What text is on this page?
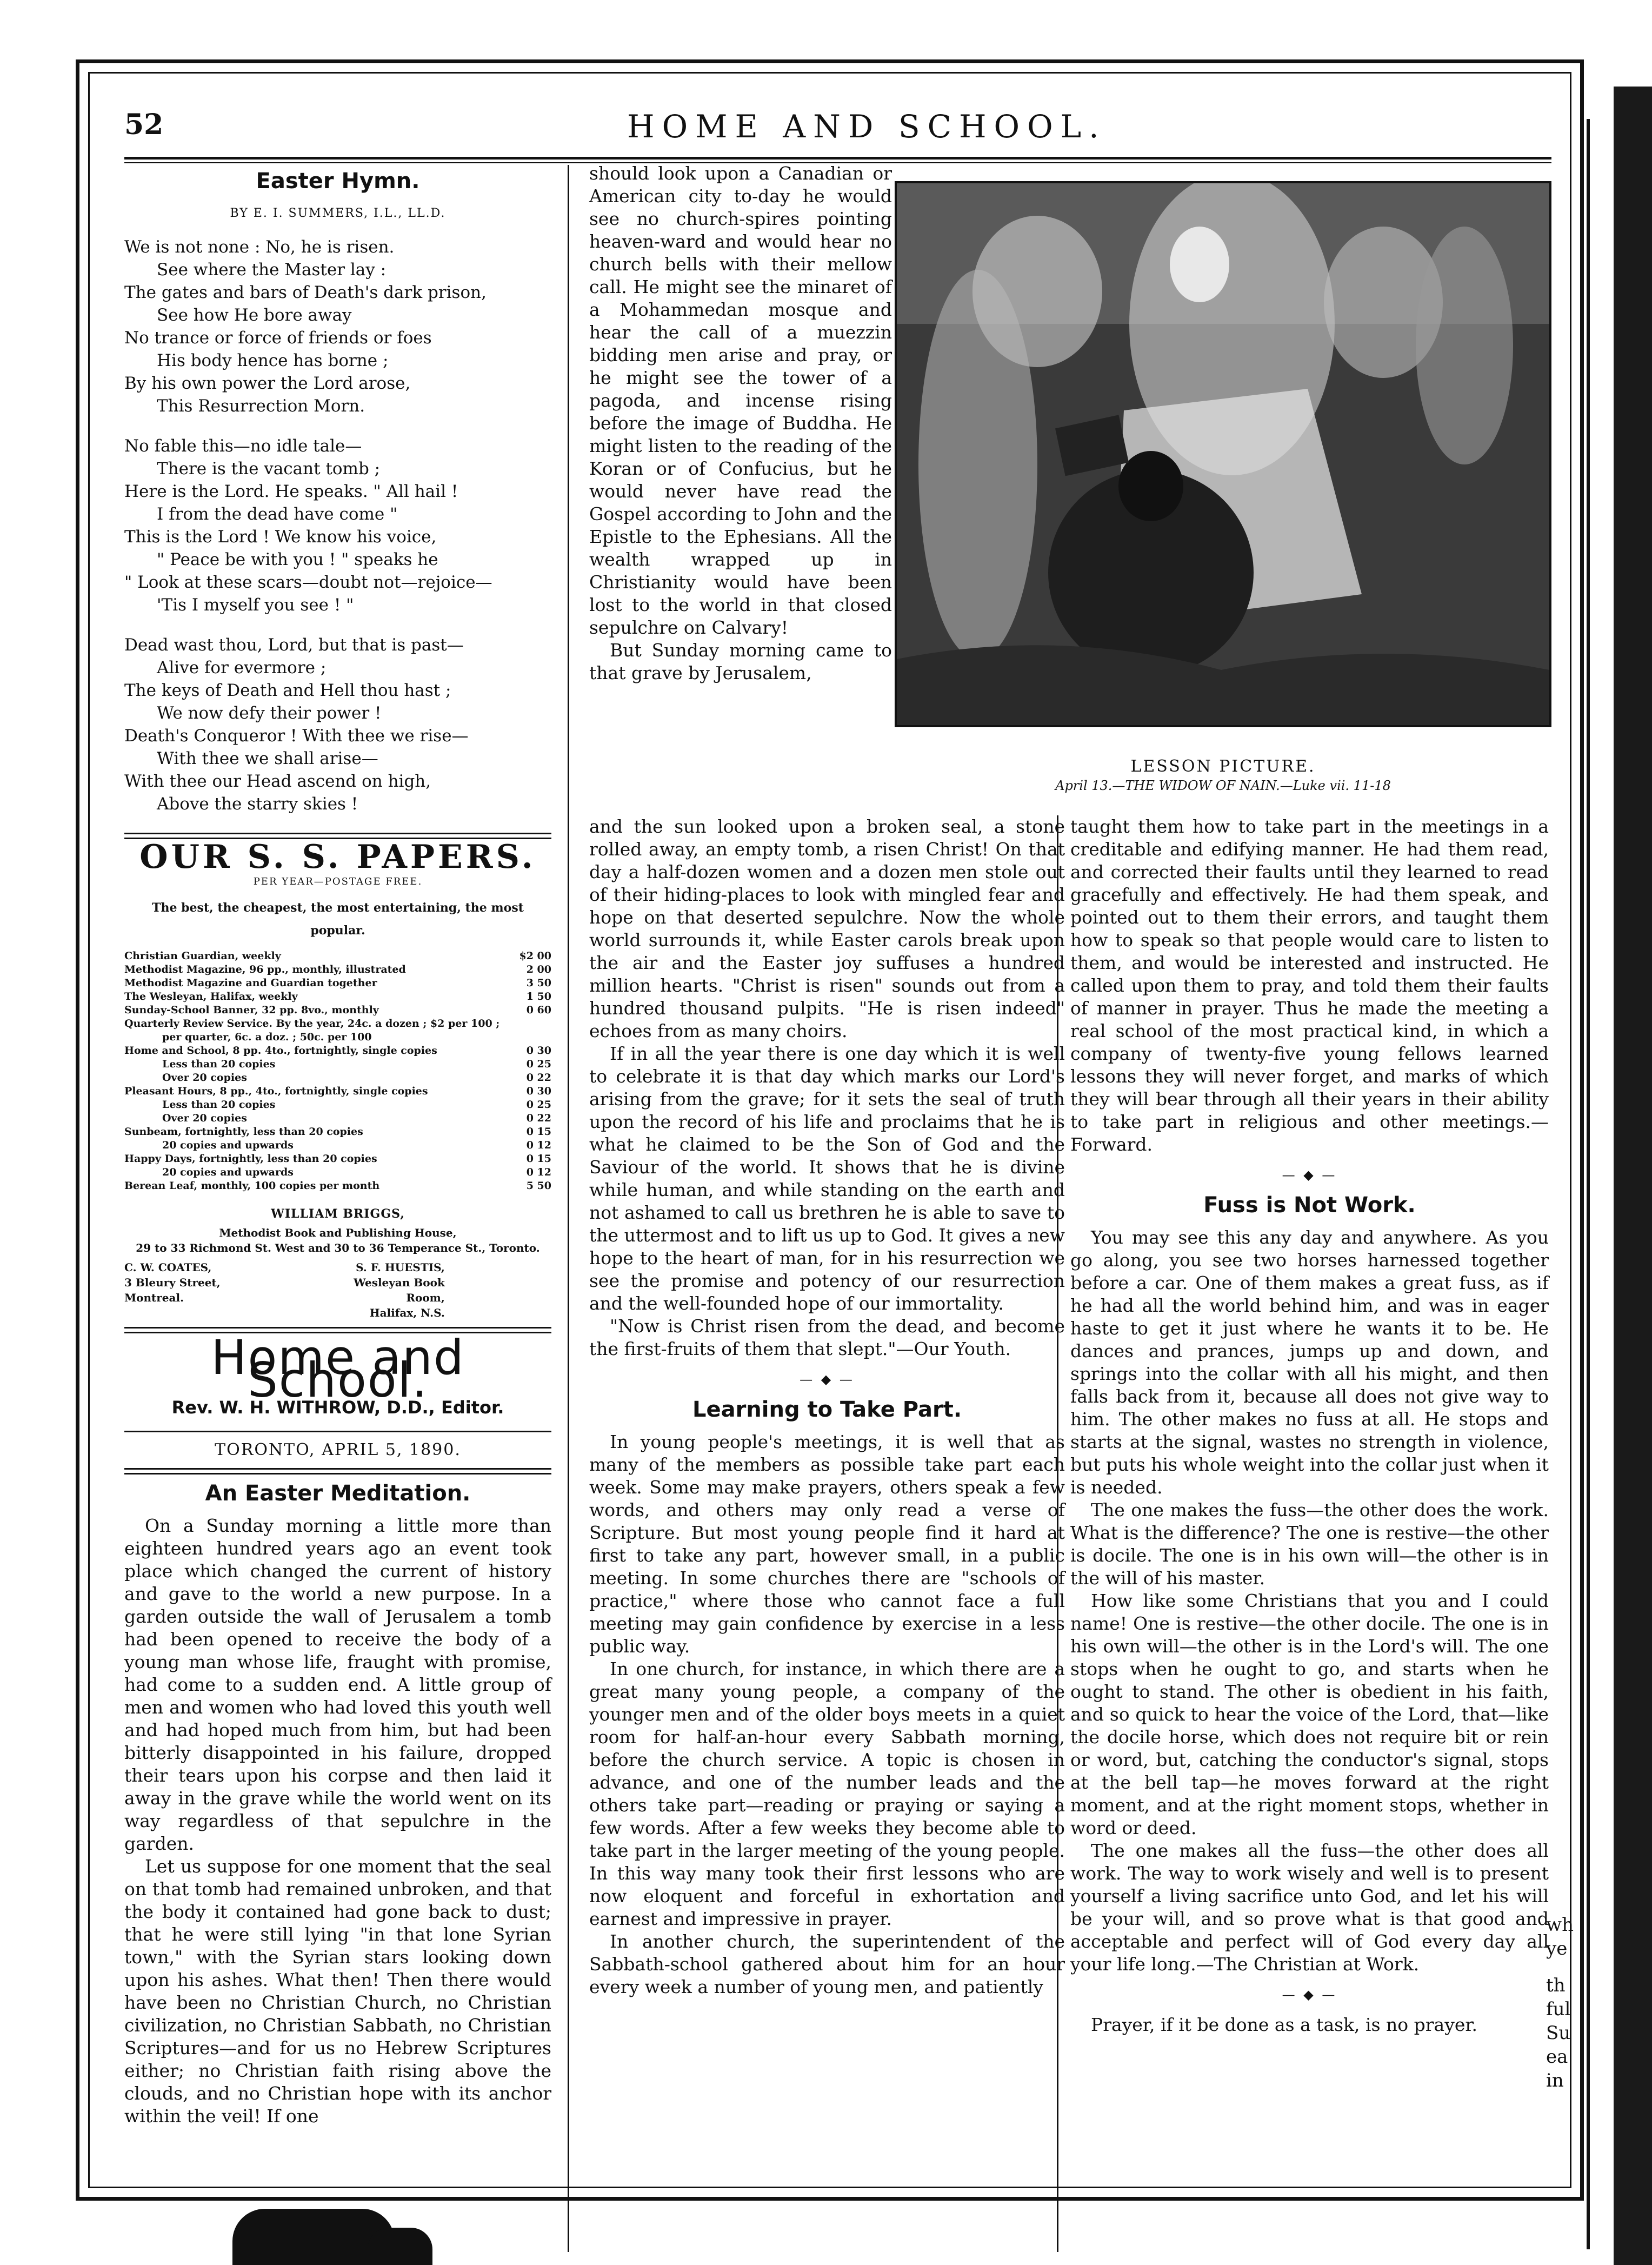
wh
ye
th
ful
Su
ea
in
52	HOME AND SCHOOL.
Easter Hymn.
BY E. I. SUMMERS, I.L., LL.D.

We is not none : No, he is risen.

See where the Master lay :

The gates and bars of Death's dark prison,

See how He bore away

No trance or force of friends or foes

His body hence has borne ;

By his own power the Lord arose,

This Resurrection Morn.

No fable this—no idle tale—

There is the vacant tomb ;

Here is the Lord. He speaks. " All hail !

I from the dead have come "

This is the Lord ! We know his voice,

" Peace be with you ! " speaks he

" Look at these scars—doubt not—rejoice—

'Tis I myself you see ! "

Dead wast thou, Lord, but that is past—

Alive for evermore ;

The keys of Death and Hell thou hast ;

We now defy their power !

Death's Conqueror ! With thee we rise—

With thee we shall arise—

With thee our Head ascend on high,

Above the starry skies !

OUR S. S. PAPERS.
PER YEAR—POSTAGE FREE.
The best, the cheapest, the most entertaining, the most popular.
Christian Guardian, weekly	$2 00
Methodist Magazine, 96 pp., monthly, illustrated	2 00
Methodist Magazine and Guardian together	3 50
The Wesleyan, Halifax, weekly	1 50
Sunday-School Banner, 32 pp. 8vo., monthly	0 60
Quarterly Review Service. By the year, 24c. a dozen ; $2 per 100 ;
per quarter, 6c. a doz. ; 50c. per 100
Home and School, 8 pp. 4to., fortnightly, single copies	0 30
Less than 20 copies	0 25
Over 20 copies	0 22
Pleasant Hours, 8 pp., 4to., fortnightly, single copies	0 30
Less than 20 copies	0 25
Over 20 copies	0 22
Sunbeam, fortnightly, less than 20 copies	0 15
20 copies and upwards	0 12
Happy Days, fortnightly, less than 20 copies	0 15
20 copies and upwards	0 12
Berean Leaf, monthly, 100 copies per month	5 50
WILLIAM BRIGGS,
Methodist Book and Publishing House,
29 to 33 Richmond St. West and 30 to 36 Temperance St., Toronto.
C. W. COATES,
3 Bleury Street,
Montreal.
S. F. HUESTIS,
Wesleyan Book Room,
Halifax, N.S.
Home and School.
Rev. W. H. WITHROW, D.D., Editor.
TORONTO, APRIL 5, 1890.
An Easter Meditation.

On a Sunday morning a little more than eighteen hundred years ago an event took place which changed the current of history and gave to the world a new purpose. In a garden outside the wall of Jerusalem a tomb had been opened to receive the body of a young man whose life, fraught with promise, had come to a sudden end. A little group of men and women who had loved this youth well and had hoped much from him, but had been bitterly disappointed in his failure, dropped their tears upon his corpse and then laid it away in the grave while the world went on its way regardless of that sepulchre in the garden.

Let us suppose for one moment that the seal on that tomb had remained unbroken, and that the body it contained had gone back to dust; that he were still lying "in that lone Syrian town," with the Syrian stars looking down upon his ashes. What then! Then there would have been no Christian Church, no Christian civilization, no Christian Sabbath, no Christian Scriptures—and for us no Hebrew Scriptures either; no Christian faith rising above the clouds, and no Christian hope with its anchor within the veil! If one

should look upon a Canadian or American city to-day he would see no church-spires pointing heaven-ward and would hear no church bells with their mellow call. He might see the minaret of a Mohammedan mosque and hear the call of a muezzin bidding men arise and pray, or he might see the tower of a pagoda, and incense rising before the image of Buddha. He might listen to the reading of the Koran or of Confucius, but he would never have read the Gospel according to John and the Epistle to the Ephesians. All the wealth wrapped up in Christianity would have been lost to the world in that closed sepulchre on Calvary!

But Sunday morning came to that grave by Jerusalem,

LESSON PICTURE.
April 13.—THE WIDOW OF NAIN.—Luke vii. 11-18

and the sun looked upon a broken seal, a stone rolled away, an empty tomb, a risen Christ! On that day a half-dozen women and a dozen men stole out of their hiding-places to look with mingled fear and hope on that deserted sepulchre. Now the whole world surrounds it, while Easter carols break upon the air and the Easter joy suffuses a hundred million hearts. "Christ is risen" sounds out from a hundred thousand pulpits. "He is risen indeed" echoes from as many choirs.

If in all the year there is one day which it is well to celebrate it is that day which marks our Lord's arising from the grave; for it sets the seal of truth upon the record of his life and proclaims that he is what he claimed to be the Son of God and the Saviour of the world. It shows that he is divine while human, and while standing on the earth and not ashamed to call us brethren he is able to save to the uttermost and to lift us up to God. It gives a new hope to the heart of man, for in his resurrection we see the promise and potency of our resurrection and the well-founded hope of our immortality.

"Now is Christ risen from the dead, and become the first-fruits of them that slept."—Our Youth.

— ◆ —
Learning to Take Part.

In young people's meetings, it is well that as many of the members as possible take part each week. Some may make prayers, others speak a few words, and others may only read a verse of Scripture. But most young people find it hard at first to take any part, however small, in a public meeting. In some churches there are "schools of practice," where those who cannot face a full meeting may gain confidence by exercise in a less public way.

In one church, for instance, in which there are a great many young people, a company of the younger men and of the older boys meets in a quiet room for half-an-hour every Sabbath morning, before the church service. A topic is chosen in advance, and one of the number leads and the others take part—reading or praying or saying a few words. After a few weeks they become able to take part in the larger meeting of the young people. In this way many took their first lessons who are now eloquent and forceful in exhortation and earnest and impressive in prayer.

In another church, the superintendent of the Sabbath-school gathered about him for an hour every week a number of young men, and patiently

taught them how to take part in the meetings in a creditable and edifying manner. He had them read, and corrected their faults until they learned to read gracefully and effectively. He had them speak, and pointed out to them their errors, and taught them how to speak so that people would care to listen to them, and would be interested and instructed. He called upon them to pray, and told them their faults of manner in prayer. Thus he made the meeting a real school of the most practical kind, in which a company of twenty-five young fellows learned lessons they will never forget, and marks of which they will bear through all their years in their ability to take part in religious and other meetings.—Forward.

— ◆ —
Fuss is Not Work.

You may see this any day and anywhere. As you go along, you see two horses harnessed together before a car. One of them makes a great fuss, as if he had all the world behind him, and was in eager haste to get it just where he wants it to be. He dances and prances, jumps up and down, and springs into the collar with all his might, and then falls back from it, because all does not give way to him. The other makes no fuss at all. He stops and starts at the signal, wastes no strength in violence, but puts his whole weight into the collar just when it is needed.

The one makes the fuss—the other does the work. What is the difference? The one is restive—the other is docile. The one is in his own will—the other is in the will of his master.

How like some Christians that you and I could name! One is restive—the other docile. The one is in his own will—the other is in the Lord's will. The one stops when he ought to go, and starts when he ought to stand. The other is obedient in his faith, and so quick to hear the voice of the Lord, that—like the docile horse, which does not require bit or rein or word, but, catching the conductor's signal, stops at the bell tap—he moves forward at the right moment, and at the right moment stops, whether in word or deed.

The one makes all the fuss—the other does all work. The way to work wisely and well is to present yourself a living sacrifice unto God, and let his will be your will, and so prove what is that good and acceptable and perfect will of God every day all your life long.—The Christian at Work.

— ◆ —

Prayer, if it be done as a task, is no prayer.
